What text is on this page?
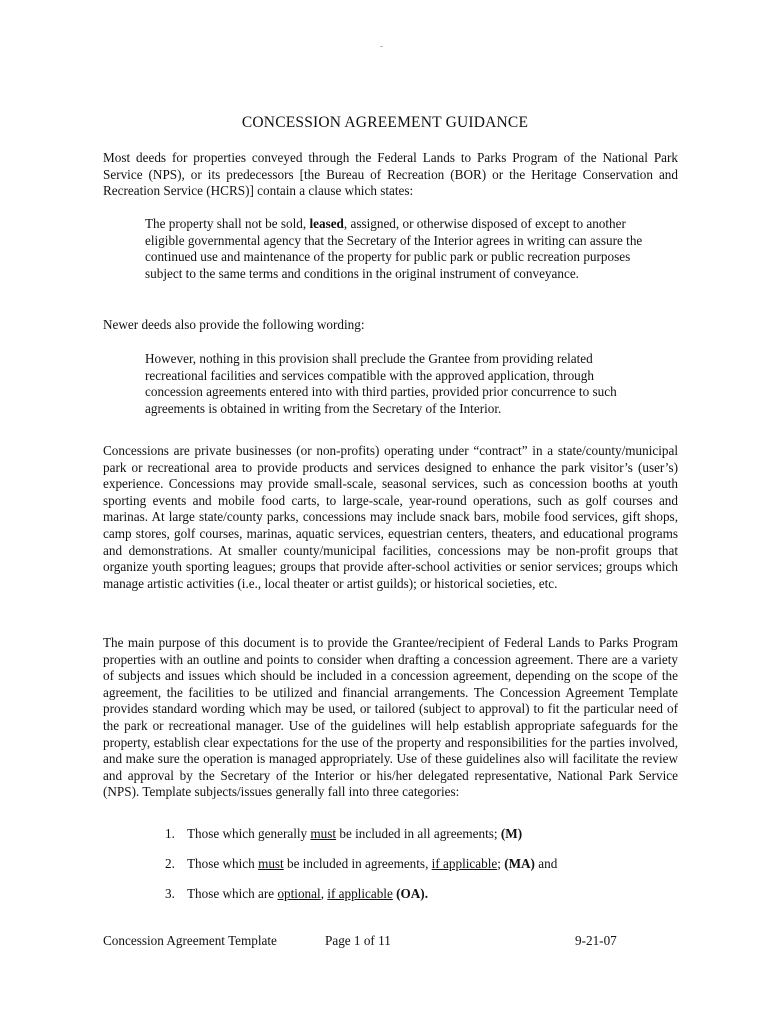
CONCESSION AGREEMENT GUIDANCE

Most deeds for properties conveyed through the Federal Lands to Parks Program of the National Park Service (NPS), or its predecessors [the Bureau of Recreation (BOR) or the Heritage Conservation and Recreation Service (HCRS)] contain a clause which states:

The property shall not be sold, leased, assigned, or otherwise disposed of except to another eligible governmental agency that the Secretary of the Interior agrees in writing can assure the continued use and maintenance of the property for public park or public recreation purposes subject to the same terms and conditions in the original instrument of conveyance.

Newer deeds also provide the following wording:

However, nothing in this provision shall preclude the Grantee from providing related recreational facilities and services compatible with the approved application, through concession agreements entered into with third parties, provided prior concurrence to such agreements is obtained in writing from the Secretary of the Interior.

Concessions are private businesses (or non-profits) operating under “contract” in a state/county/municipal park or recreational area to provide products and services designed to enhance the park visitor’s (user’s) experience. Concessions may provide small-scale, seasonal services, such as concession booths at youth sporting events and mobile food carts, to large-scale, year-round operations, such as golf courses and marinas. At large state/county parks, concessions may include snack bars, mobile food services, gift shops, camp stores, golf courses, marinas, aquatic services, equestrian centers, theaters, and educational programs and demonstrations. At smaller county/municipal facilities, concessions may be non-profit groups that organize youth sporting leagues; groups that provide after-school activities or senior services; groups which manage artistic activities (i.e., local theater or artist guilds); or historical societies, etc.

The main purpose of this document is to provide the Grantee/recipient of Federal Lands to Parks Program properties with an outline and points to consider when drafting a concession agreement. There are a variety of subjects and issues which should be included in a concession agreement, depending on the scope of the agreement, the facilities to be utilized and financial arrangements. The Concession Agreement Template provides standard wording which may be used, or tailored (subject to approval) to fit the particular need of the park or recreational manager. Use of the guidelines will help establish appropriate safeguards for the property, establish clear expectations for the use of the property and responsibilities for the parties involved, and make sure the operation is managed appropriately. Use of these guidelines also will facilitate the review and approval by the Secretary of the Interior or his/her delegated representative, National Park Service (NPS). Template subjects/issues generally fall into three categories:

1. Those which generally must be included in all agreements; (M)
2. Those which must be included in agreements, if applicable; (MA) and
3. Those which are optional, if applicable (OA).
Concession Agreement Template	Page 1 of 11	9-21-07
